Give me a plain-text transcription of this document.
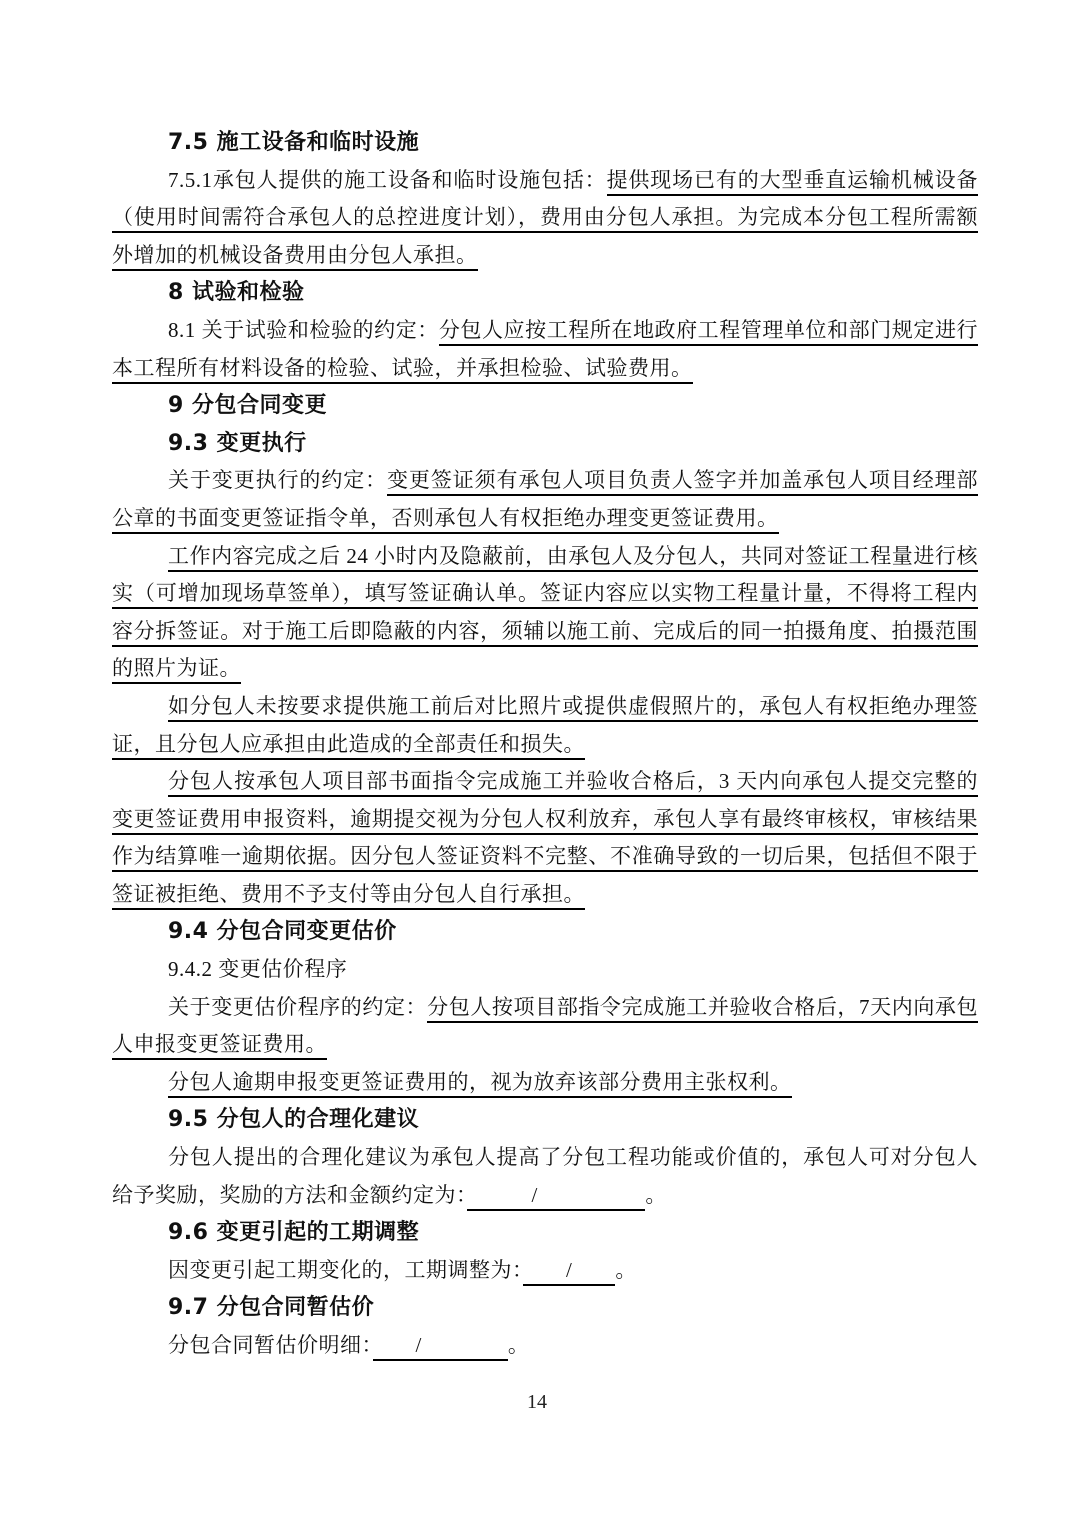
7.5 施工设备和临时设施

7.5.1承包人提供的施工设备和临时设施包括：提供现场已有的大型垂直运输机械设备（使用时间需符合承包人的总控进度计划），费用由分包人承担。为完成本分包工程所需额外增加的机械设备费用由分包人承担。

8 试验和检验

8.1 关于试验和检验的约定：分包人应按工程所在地政府工程管理单位和部门规定进行本工程所有材料设备的检验、试验，并承担检验、试验费用。

9 分包合同变更
9.3 变更执行

关于变更执行的约定：变更签证须有承包人项目负责人签字并加盖承包人项目经理部公章的书面变更签证指令单，否则承包人有权拒绝办理变更签证费用。

工作内容完成之后 24 小时内及隐蔽前，由承包人及分包人，共同对签证工程量进行核实（可增加现场草签单），填写签证确认单。签证内容应以实物工程量计量，不得将工程内容分拆签证。对于施工后即隐蔽的内容，须辅以施工前、完成后的同一拍摄角度、拍摄范围的照片为证。

如分包人未按要求提供施工前后对比照片或提供虚假照片的，承包人有权拒绝办理签证，且分包人应承担由此造成的全部责任和损失。

分包人按承包人项目部书面指令完成施工并验收合格后，3 天内向承包人提交完整的变更签证费用申报资料，逾期提交视为分包人权利放弃，承包人享有最终审核权，审核结果作为结算唯一逾期依据。因分包人签证资料不完整、不准确导致的一切后果，包括但不限于签证被拒绝、费用不予支付等由分包人自行承担。

9.4 分包合同变更估价

9.4.2 变更估价程序

关于变更估价程序的约定：分包人按项目部指令完成施工并验收合格后，7天内向承包人申报变更签证费用。

分包人逾期申报变更签证费用的，视为放弃该部分费用主张权利。

9.5 分包人的合理化建议

分包人提出的合理化建议为承包人提高了分包工程功能或价值的，承包人可对分包人给予奖励，奖励的方法和金额约定为：　　　/　　　　　。

9.6 变更引起的工期调整

因变更引起工期变化的，工期调整为：　　/　　。

9.7 分包合同暂估价

分包合同暂估价明细：　　/　　　　。

14
